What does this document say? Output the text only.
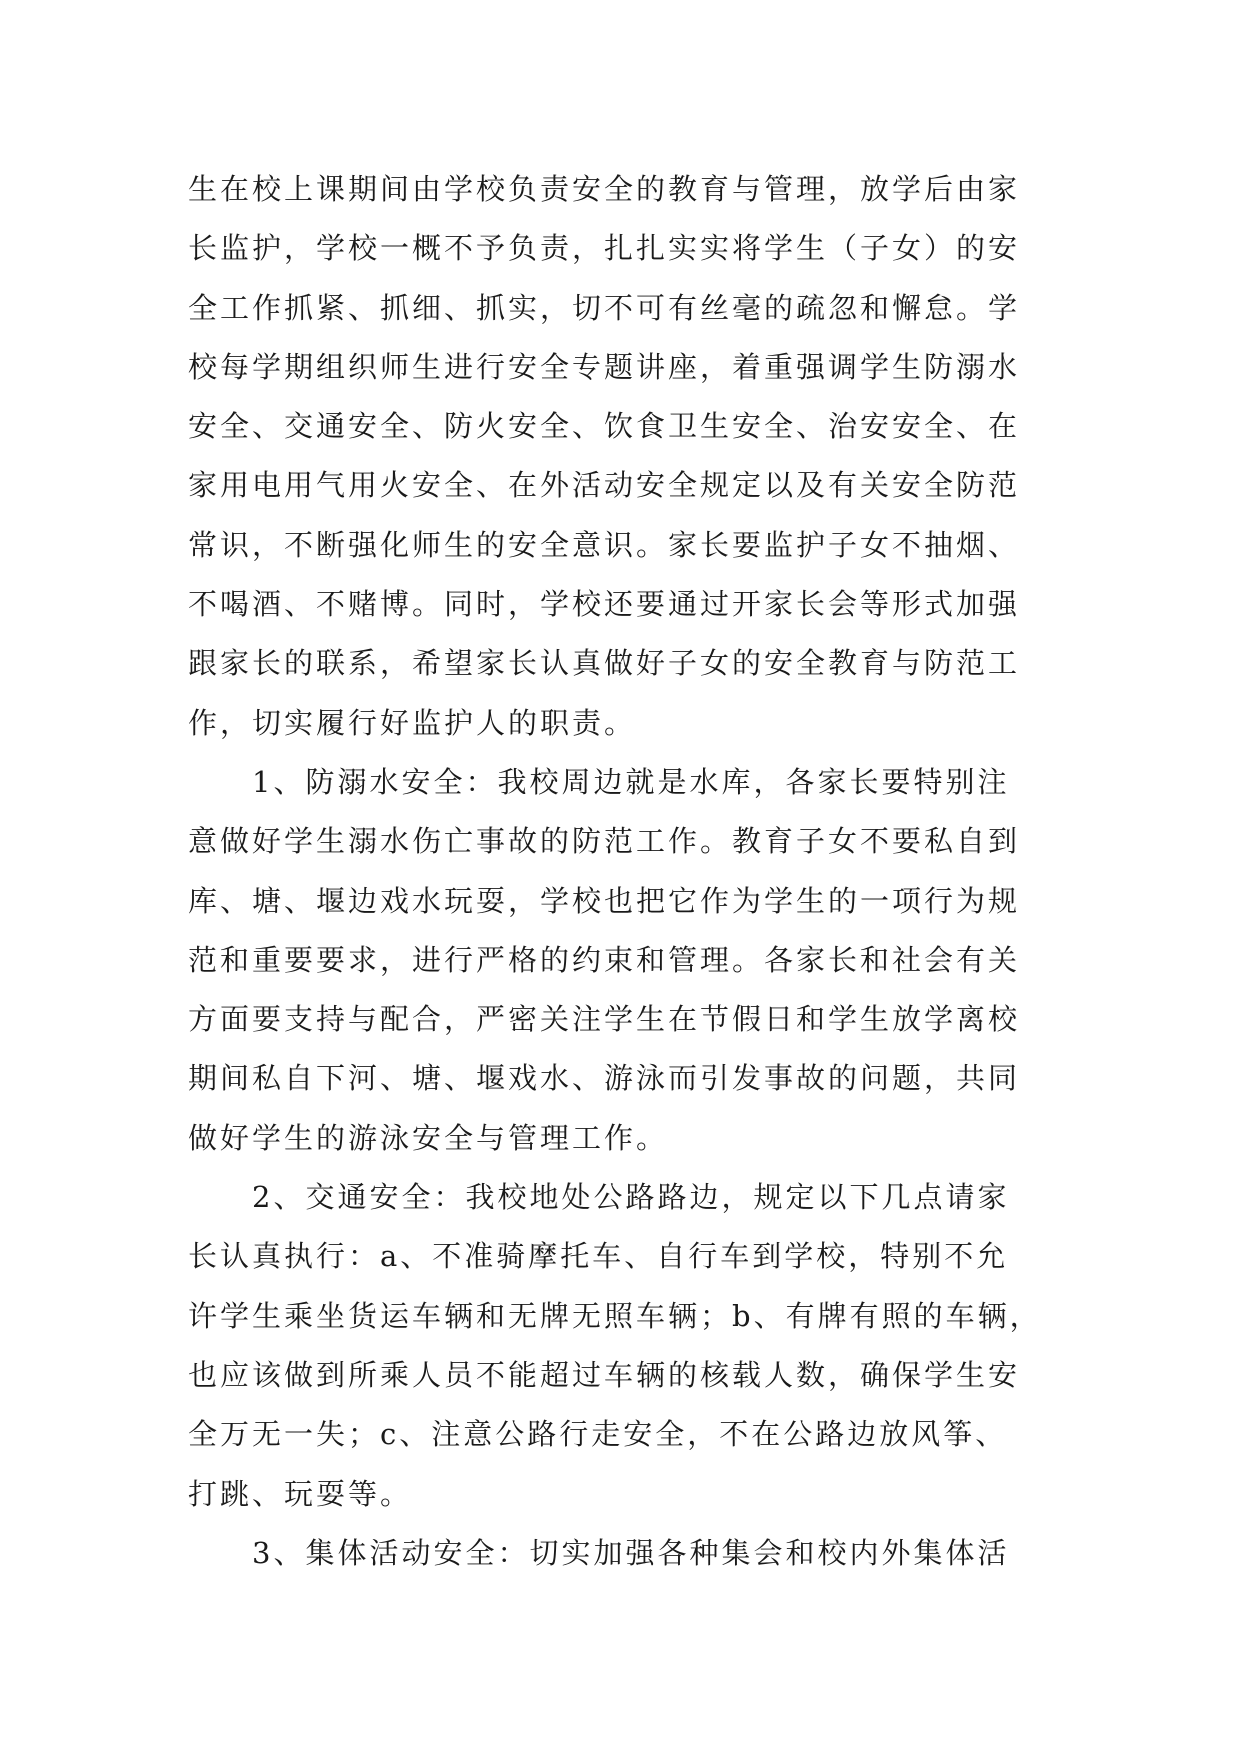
生在校上课期间由学校负责安全的教育与管理，放学后由家
长监护，学校一概不予负责，扎扎实实将学生（子女）的安
全工作抓紧、抓细、抓实，切不可有丝毫的疏忽和懈怠。学
校每学期组织师生进行安全专题讲座，着重强调学生防溺水
安全、交通安全、防火安全、饮食卫生安全、治安安全、在
家用电用气用火安全、在外活动安全规定以及有关安全防范
常识，不断强化师生的安全意识。家长要监护子女不抽烟、
不喝酒、不赌博。同时，学校还要通过开家长会等形式加强
跟家长的联系，希望家长认真做好子女的安全教育与防范工
作，切实履行好监护人的职责。
　　1、防溺水安全：我校周边就是水库，各家长要特别注
意做好学生溺水伤亡事故的防范工作。教育子女不要私自到
库、塘、堰边戏水玩耍，学校也把它作为学生的一项行为规
范和重要要求，进行严格的约束和管理。各家长和社会有关
方面要支持与配合，严密关注学生在节假日和学生放学离校
期间私自下河、塘、堰戏水、游泳而引发事故的问题，共同
做好学生的游泳安全与管理工作。
　　2、交通安全：我校地处公路路边，规定以下几点请家
长认真执行：a、不准骑摩托车、自行车到学校，特别不允
许学生乘坐货运车辆和无牌无照车辆；b、有牌有照的车辆，
也应该做到所乘人员不能超过车辆的核载人数，确保学生安
全万无一失；c、注意公路行走安全，不在公路边放风筝、
打跳、玩耍等。
　　3、集体活动安全：切实加强各种集会和校内外集体活
